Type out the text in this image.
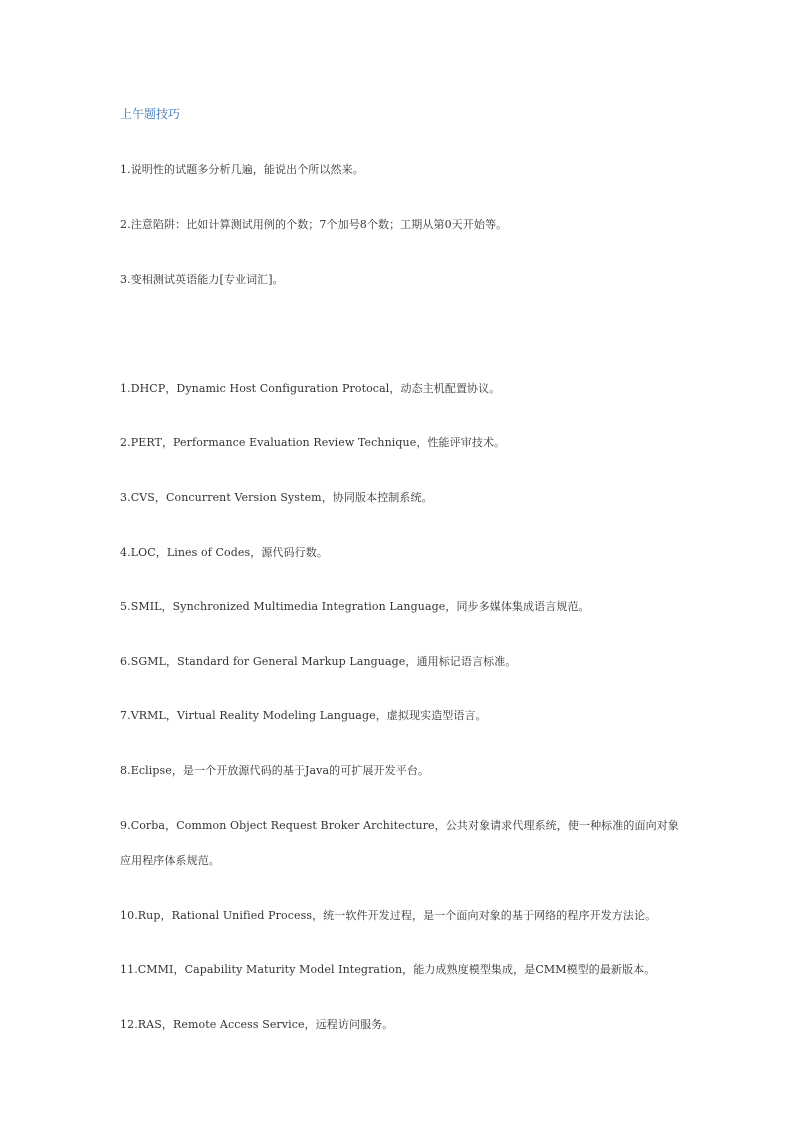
上午题技巧
1.说明性的试题多分析几遍，能说出个所以然来。
2.注意陷阱：比如计算测试用例的个数；7个加号8个数；工期从第0天开始等。
3.变相测试英语能力[专业词汇]。
1.DHCP，Dynamic Host Configuration Protocal，动态主机配置协议。
2.PERT，Performance Evaluation Review Technique，性能评审技术。
3.CVS，Concurrent Version System，协同版本控制系统。
4.LOC，Lines of Codes，源代码行数。
5.SMIL，Synchronized Multimedia Integration Language，同步多媒体集成语言规范。
6.SGML，Standard for General Markup Language，通用标记语言标准。
7.VRML，Virtual Reality Modeling Language，虚拟现实造型语言。
8.Eclipse，是一个开放源代码的基于Java的可扩展开发平台。
9.Corba，Common Object Request Broker Architecture，公共对象请求代理系统，使一种标准的面向对象
应用程序体系规范。
10.Rup，Rational Unified Process，统一软件开发过程，是一个面向对象的基于网络的程序开发方法论。
11.CMMI，Capability Maturity Model Integration，能力成熟度模型集成，是CMM模型的最新版本。
12.RAS，Remote Access Service，远程访问服务。
